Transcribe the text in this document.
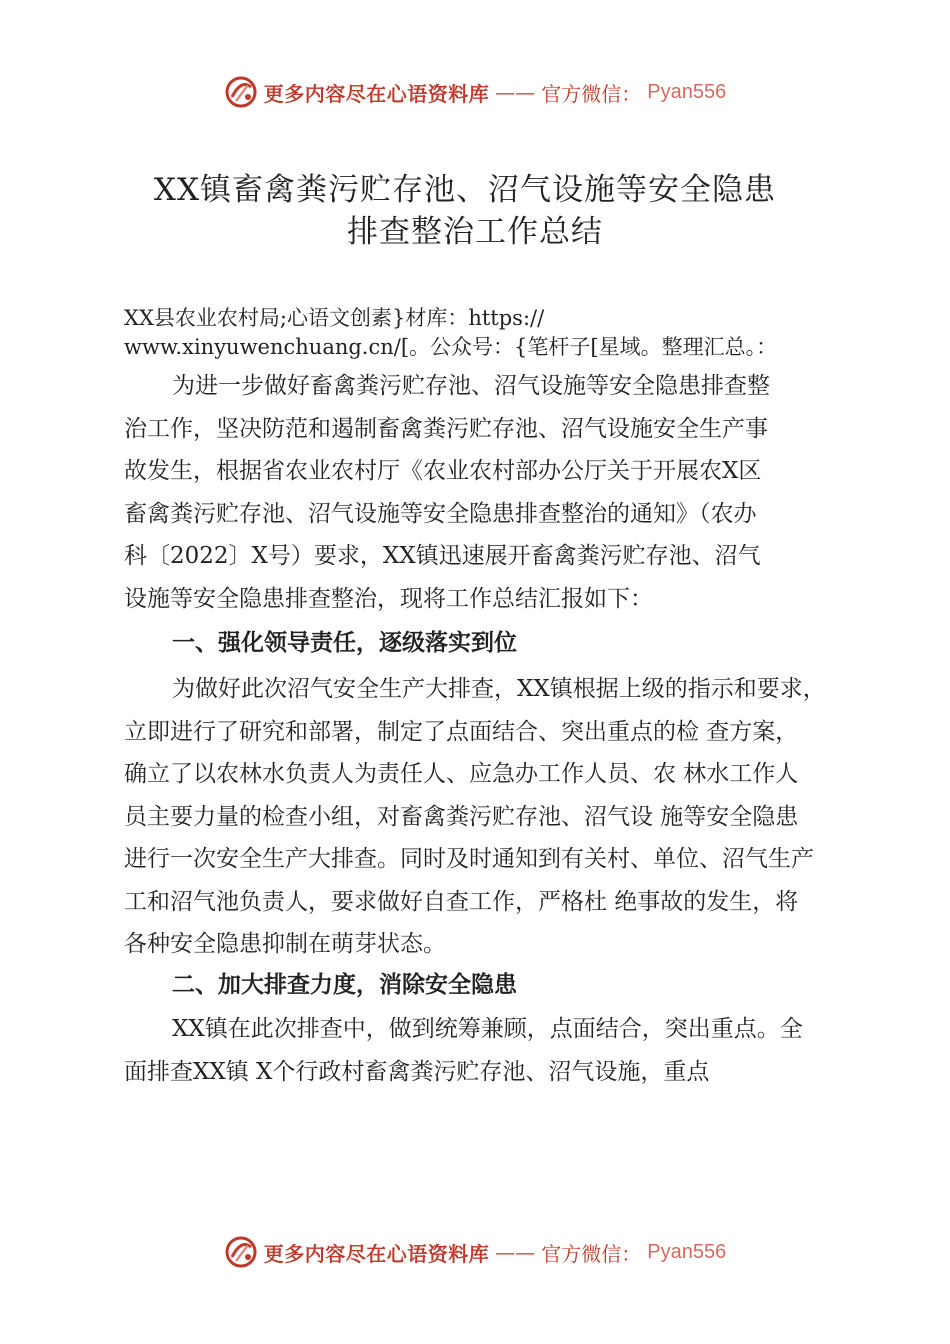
更多内容尽在心语资料库 —— 官方微信： Pyan556
XX镇畜禽粪污贮存池、沼气设施等安全隐患
排查整治工作总结
XX县农业农村局;心语文创素}材库：https://
www.xinyuwenchuang.cn/[。公众号：{笔杆子[星域。整理汇总。：
为进一步做好畜禽粪污贮存池、沼气设施等安全隐患排查整
治工作，坚决防范和遏制畜禽粪污贮存池、沼气设施安全生产事
故发生，根据省农业农村厅《农业农村部办公厅关于开展农X区
畜禽粪污贮存池、沼气设施等安全隐患排查整治的通知》（农办
科〔2022〕X号）要求，XX镇迅速展开畜禽粪污贮存池、沼气
设施等安全隐患排查整治，现将工作总结汇报如下：
一、强化领导责任，逐级落实到位
为做好此次沼气安全生产大排查，XX镇根据上级的指示和要求，
立即进行了研究和部署，制定了点面结合、突出重点的检 查方案，
确立了以农林水负责人为责任人、应急办工作人员、农 林水工作人
员主要力量的检查小组，对畜禽粪污贮存池、沼气设 施等安全隐患
进行一次安全生产大排查。同时及时通知到有关村、单位、沼气生产
工和沼气池负责人，要求做好自查工作，严格杜 绝事故的发生，将
各种安全隐患抑制在萌芽状态。
二、加大排查力度，消除安全隐患
XX镇在此次排查中，做到统筹兼顾，点面结合，突出重点。全
面排查XX镇 X个行政村畜禽粪污贮存池、沼气设施，重点
更多内容尽在心语资料库 —— 官方微信： Pyan556
